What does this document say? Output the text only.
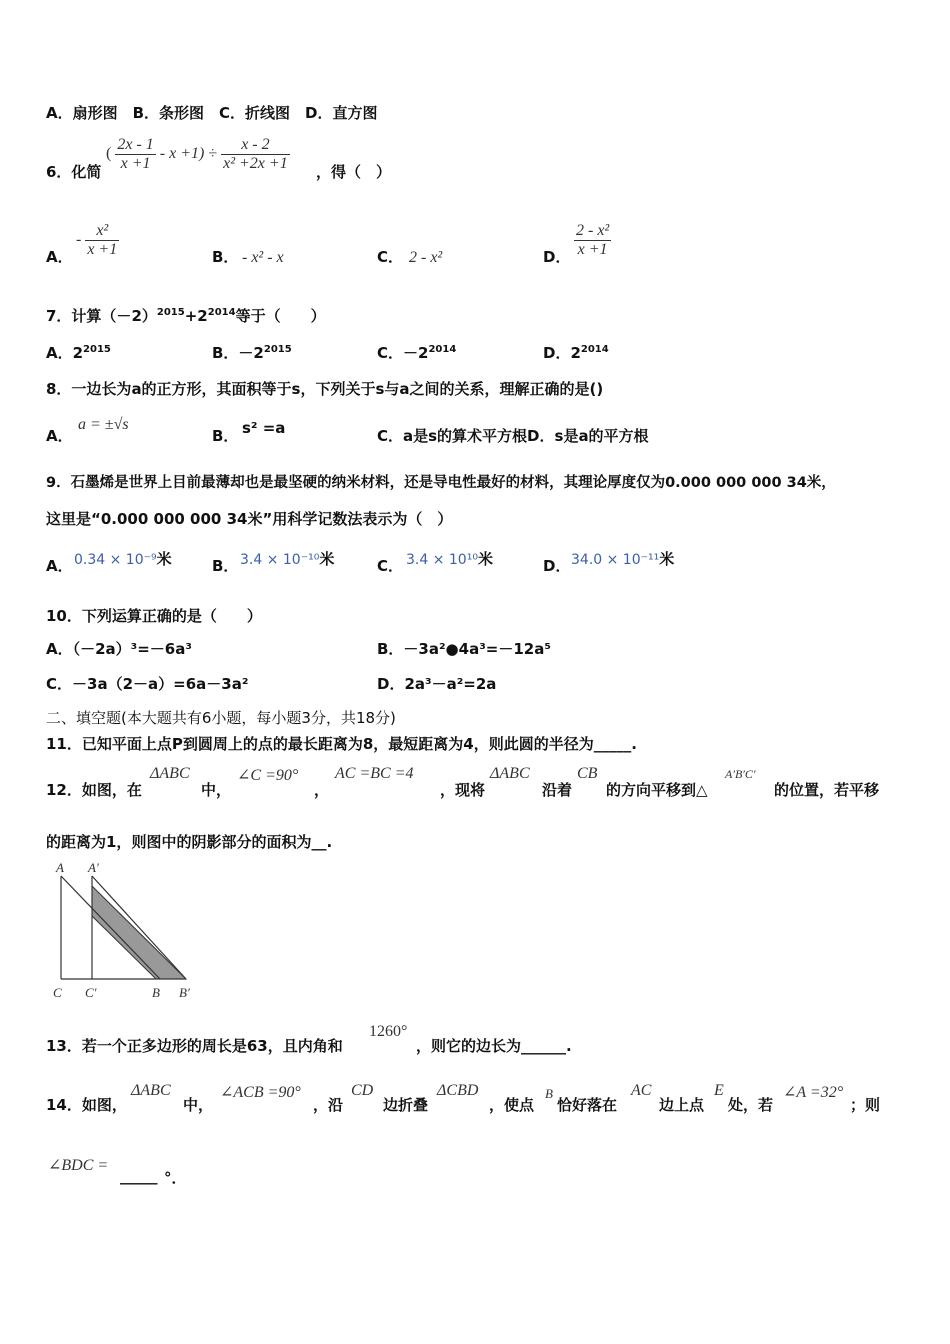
A．扇形图　B．条形图　C．折线图　D．直方图
6．化简
( $\frac{2x - 1}{x +1} - x +1) \div \frac{x - 2}{\text{x² +2x +1}}$ ，得（　）
A．
- $\frac{\text{x²}}{x +1}$	B． - x² - x	C． 2 - x²	D． $\frac{\text{2 - x²}}{x +1}$
7．计算$(-2)^{2015}+2^{2014}$等于（　　）
A．$2^{2015}$	B．$-2^{2015}$	C．$-2^{2014}$	D．$2^{2014}$
8．一边长为a的正方形，其面积等于s，下列关于s与a之间的关系，理解正确的是()
A．
a = ±√s
B． s² =a	C．a是s的算术平方根D．s是a的平方根
9．石墨烯是世界上目前最薄却也是最坚硬的纳米材料，还是导电性最好的材料，其理论厚度仅为0.000 000 000 34米，
这里是“0.000 000 000 34米”用科学记数法表示为（　）
A． 0.34 × 10⁻⁹米	B． 3.4 × 10⁻¹⁰米	C． 3.4 × 10¹⁰米	D． 34.0 × 10⁻¹¹米
10．下列运算正确的是（　　）
A．（－2a）³=－6a³	B．－3a²●4a³=－12a⁵
C．－3a（2－a）=6a－3a²	D．2a³－a²=2a
二、填空题(本大题共有6小题，每小题3分，共18分)
11．已知平面上点P到圆周上的点的最长距离为8，最短距离为4，则此圆的半径为_____.
12．如图，在
ΔABC
中，
∠C =90°
，
AC =BC =4
，现将
ΔABC
沿着
CB
的方向平移到△
A′B′C′
的位置，若平移
的距离为1，则图中的阴影部分的面积为__.
A A′
C C′	B B′
13．若一个正多边形的周长是63，且内角和
1260°
，则它的边长为______.
14．如图，
ΔABC
中，
∠ACB =90°
，沿
CD
边折叠
ΔCBD
，使点
B
恰好落在
AC
边上点
E
处，若
∠A =32°
；则
∠BDC =
_____ °．
